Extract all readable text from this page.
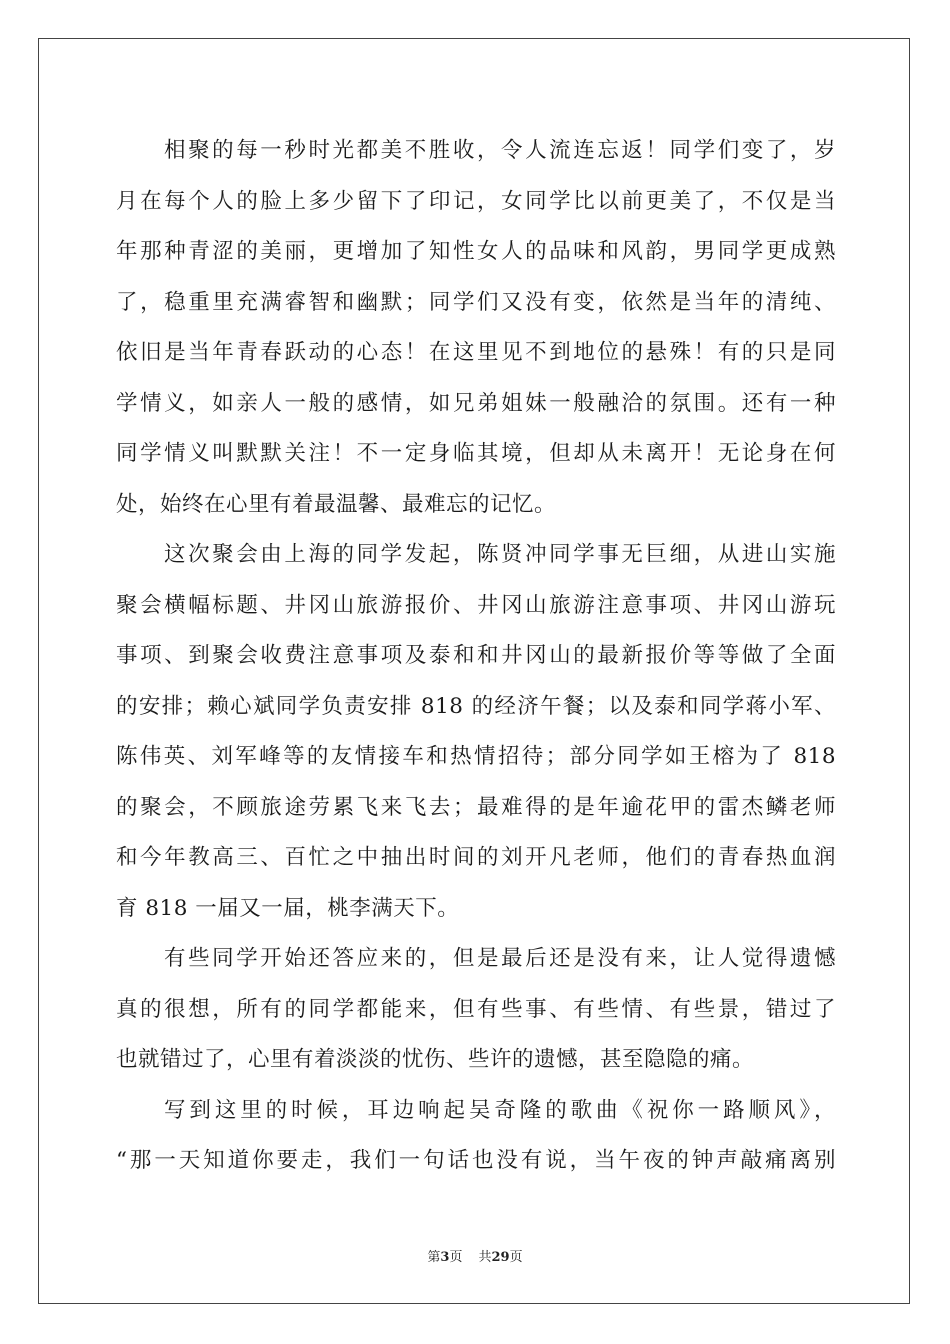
相聚的每一秒时光都美不胜收，令人流连忘返！同学们变了，岁
月在每个人的脸上多少留下了印记，女同学比以前更美了，不仅是当
年那种青涩的美丽，更增加了知性女人的品味和风韵，男同学更成熟
了，稳重里充满睿智和幽默；同学们又没有变，依然是当年的清纯、
依旧是当年青春跃动的心态！在这里见不到地位的悬殊！有的只是同
学情义，如亲人一般的感情，如兄弟姐妹一般融洽的氛围。还有一种
同学情义叫默默关注！不一定身临其境，但却从未离开！无论身在何
处，始终在心里有着最温馨、最难忘的记忆。
这次聚会由上海的同学发起，陈贤冲同学事无巨细，从进山实施
聚会横幅标题、井冈山旅游报价、井冈山旅游注意事项、井冈山游玩
事项、到聚会收费注意事项及泰和和井冈山的最新报价等等做了全面
的安排；赖心斌同学负责安排 818 的经济午餐；以及泰和同学蒋小军、
陈伟英、刘军峰等的友情接车和热情招待；部分同学如王榕为了 818
的聚会，不顾旅途劳累飞来飞去；最难得的是年逾花甲的雷杰鳞老师
和今年教高三、百忙之中抽出时间的刘开凡老师，他们的青春热血润
育 818 一届又一届，桃李满天下。
有些同学开始还答应来的，但是最后还是没有来，让人觉得遗憾
真的很想，所有的同学都能来，但有些事、有些情、有些景，错过了
也就错过了，心里有着淡淡的忧伤、些许的遗憾，甚至隐隐的痛。
写到这里的时候，耳边响起吴奇隆的歌曲《祝你一路顺风》，
“那一天知道你要走，我们一句话也没有说，当午夜的钟声敲痛离别
第3页 共29页
